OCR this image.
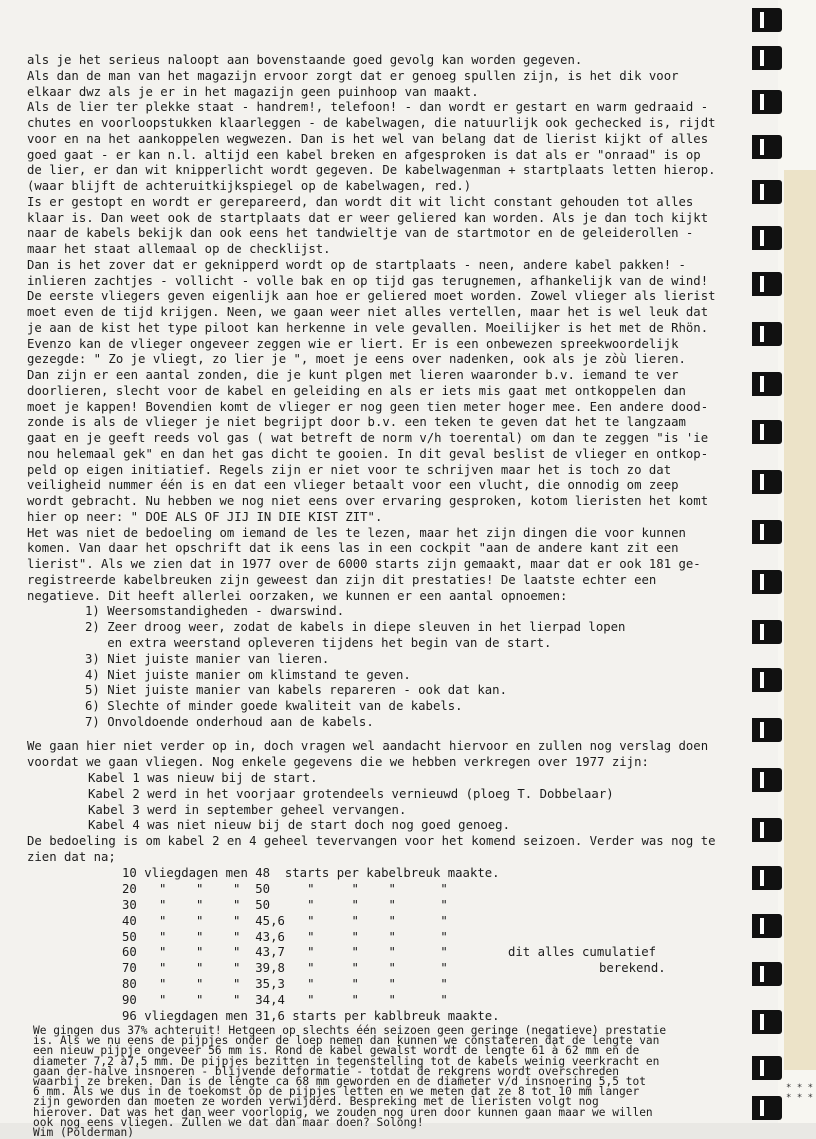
als je het serieus naloopt aan bovenstaande goed gevolg kan worden gegeven.
Als dan de man van het magazijn ervoor zorgt dat er genoeg spullen zijn, is het dik voor
elkaar dwz als je er in het magazijn geen puinhoop van maakt.
Als de lier ter plekke staat - handrem!, telefoon! - dan wordt er gestart en warm gedraaid -
chutes en voorloopstukken klaarleggen - de kabelwagen, die natuurlijk ook gechecked is, rijdt
voor en na het aankoppelen wegwezen. Dan is het wel van belang dat de lierist kijkt of alles
goed gaat - er kan n.l. altijd een kabel breken en afgesproken is dat als er "onraad" is op
de lier, er dan wit knipperlicht wordt gegeven. De kabelwagenman + startplaats letten hierop.
(waar blijft de achteruitkijkspiegel op de kabelwagen, red.)
Is er gestopt en wordt er gerepareerd, dan wordt dit wit licht constant gehouden tot alles
klaar is. Dan weet ook de startplaats dat er weer geliered kan worden. Als je dan toch kijkt
naar de kabels bekijk dan ook eens het tandwieltje van de startmotor en de geleiderollen -
maar het staat allemaal op de checklijst.
Dan is het zover dat er geknipperd wordt op de startplaats - neen, andere kabel pakken! -
inlieren zachtjes - vollicht - volle bak en op tijd gas terugnemen, afhankelijk van de wind!
De eerste vliegers geven eigenlijk aan hoe er geliered moet worden. Zowel vlieger als lierist
moet even de tijd krijgen. Neen, we gaan weer niet alles vertellen, maar het is wel leuk dat
je aan de kist het type piloot kan herkenne in vele gevallen. Moeilijker is het met de Rhön.
Evenzo kan de vlieger ongeveer zeggen wie er liert. Er is een onbewezen spreekwoordelijk
gezegde: " Zo je vliegt, zo lier je ", moet je eens over nadenken, ook als je zòù lieren.
Dan zijn er een aantal zonden, die je kunt plgen met lieren waaronder b.v. iemand te ver
doorlieren, slecht voor de kabel en geleiding en als er iets mis gaat met ontkoppelen dan
moet je kappen! Bovendien komt de vlieger er nog geen tien meter hoger mee. Een andere dood-
zonde is als de vlieger je niet begrijpt door b.v. een teken te geven dat het te langzaam
gaat en je geeft reeds vol gas ( wat betreft de norm v/h toerental) om dan te zeggen "is 'ie
nou helemaal gek" en dan het gas dicht te gooien. In dit geval beslist de vlieger en ontkop-
peld op eigen initiatief. Regels zijn er niet voor te schrijven maar het is toch zo dat
veiligheid nummer één is en dat een vlieger betaalt voor een vlucht, die onnodig om zeep
wordt gebracht. Nu hebben we nog niet eens over ervaring gesproken, kotom lieristen het komt
hier op neer: " DOE ALS OF JIJ IN DIE KIST ZIT".
Het was niet de bedoeling om iemand de les te lezen, maar het zijn dingen die voor kunnen
komen. Van daar het opschrift dat ik eens las in een cockpit "aan de andere kant zit een
lierist". Als we zien dat in 1977 over de 6000 starts zijn gemaakt, maar dat er ook 181 ge-
registreerde kabelbreuken zijn geweest dan zijn dit prestaties! De laatste echter een
negatieve. Dit heeft allerlei oorzaken, we kunnen er een aantal opnoemen:
1) Weersomstandigheden - dwarswind.
2) Zeer droog weer, zodat de kabels in diepe sleuven in het lierpad lopen
en extra weerstand opleveren tijdens het begin van de start.
3) Niet juiste manier van lieren.
4) Niet juiste manier om klimstand te geven.
5) Niet juiste manier van kabels repareren - ook dat kan.
6) Slechte of minder goede kwaliteit van de kabels.
7) Onvoldoende onderhoud aan de kabels.
We gaan hier niet verder op in, doch vragen wel aandacht hiervoor en zullen nog verslag doen
voordat we gaan vliegen. Nog enkele gegevens die we hebben verkregen over 1977 zijn:
Kabel 1 was nieuw bij de start.
Kabel 2 werd in het voorjaar grotendeels vernieuwd (ploeg T. Dobbelaar)
Kabel 3 werd in september geheel vervangen.
Kabel 4 was niet nieuw bij de start doch nog goed genoeg.
De bedoeling is om kabel 2 en 4 geheel tevervangen voor het komend seizoen. Verder was nog te
zien dat na;
10 vliegdagen men 48  starts per kabelbreuk maakte.
20   "    "    "  50     "     "    "      "
30   "    "    "  50     "     "    "      "
40   "    "    "  45,6   "     "    "      "
50   "    "    "  43,6   "     "    "      "
60   "    "    "  43,7   "     "    "      "
70   "    "    "  39,8   "     "    "      "
80   "    "    "  35,3   "     "    "      "
90   "    "    "  34,4   "     "    "      "
96 vliegdagen men 31,6 starts per kablbreuk maakte.
dit alles cumulatief
berekend.
We gingen dus 37% achteruit! Hetgeen op slechts één seizoen geen geringe (negatieve) prestatie
is. Als we nu eens de pijpjes onder de loep nemen dan kunnen we constateren dat de lengte van
een nieuw pijpje ongeveer 56 mm is. Rond de kabel gewalst wordt de lengte 61 à 62 mm en de
diameter 7,2 à7,5 mm. De pijpjes bezitten in tegenstelling tot de kabels weinig veerkracht en
gaan der-halve insnoeren - blijvende deformatie - totdat de rekgrens wordt overschreden
waarbij ze breken. Dan is de lengte ca 68 mm geworden en de diameter v/d insnoering 5,5 tot
6 mm. Als we dus in de toekomst op de pijpjes letten en we meten dat ze 8 tot 10 mm langer
zijn geworden dan moeten ze worden verwijderd. Bespreking met de lieristen volgt nog
hierover. Dat was het dan weer voorlopig, we zouden nog uren door kunnen gaan maar we willen
ook nog eens vliegen. Zullen we dat dan maar doen? Solong!
Wim (Polderman)
* * *
* * *
